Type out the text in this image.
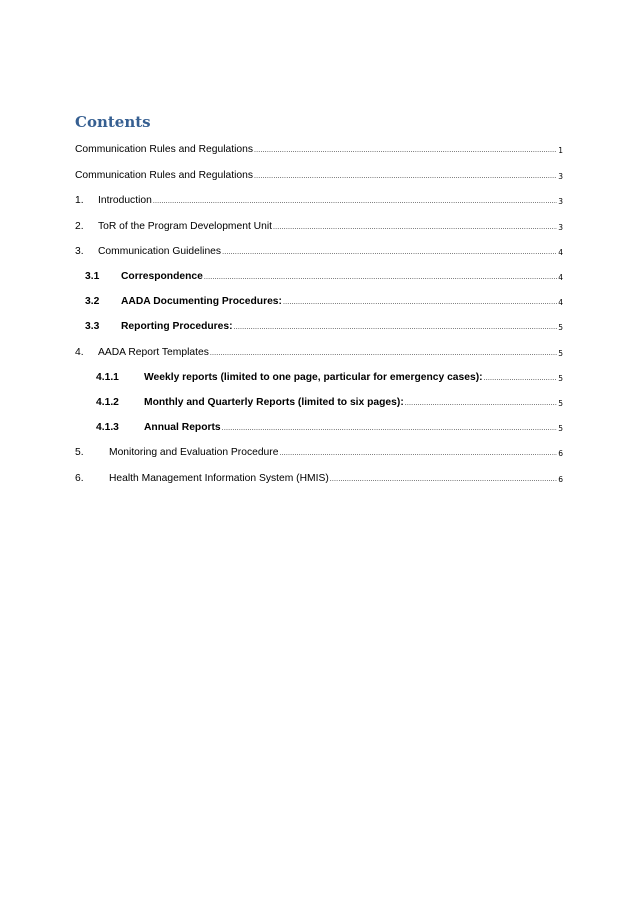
Contents
Communication Rules and Regulations .....	1
Communication Rules and Regulations .....	3
1.	Introduction .....	3
2.	ToR of the Program Development Unit .....	3
3.	Communication Guidelines .....	4
3.1	Correspondence .....	4
3.2	AADA Documenting Procedures: .....	4
3.3	Reporting Procedures: .....	5
4.	AADA Report Templates .....	5
4.1.1	Weekly reports (limited to one page, particular for emergency cases): .....	5
4.1.2	Monthly and Quarterly Reports (limited to six pages): .....	5
4.1.3	Annual Reports .....	5
5.	Monitoring and Evaluation Procedure .....	6
6.	Health Management Information System (HMIS) .....	6
